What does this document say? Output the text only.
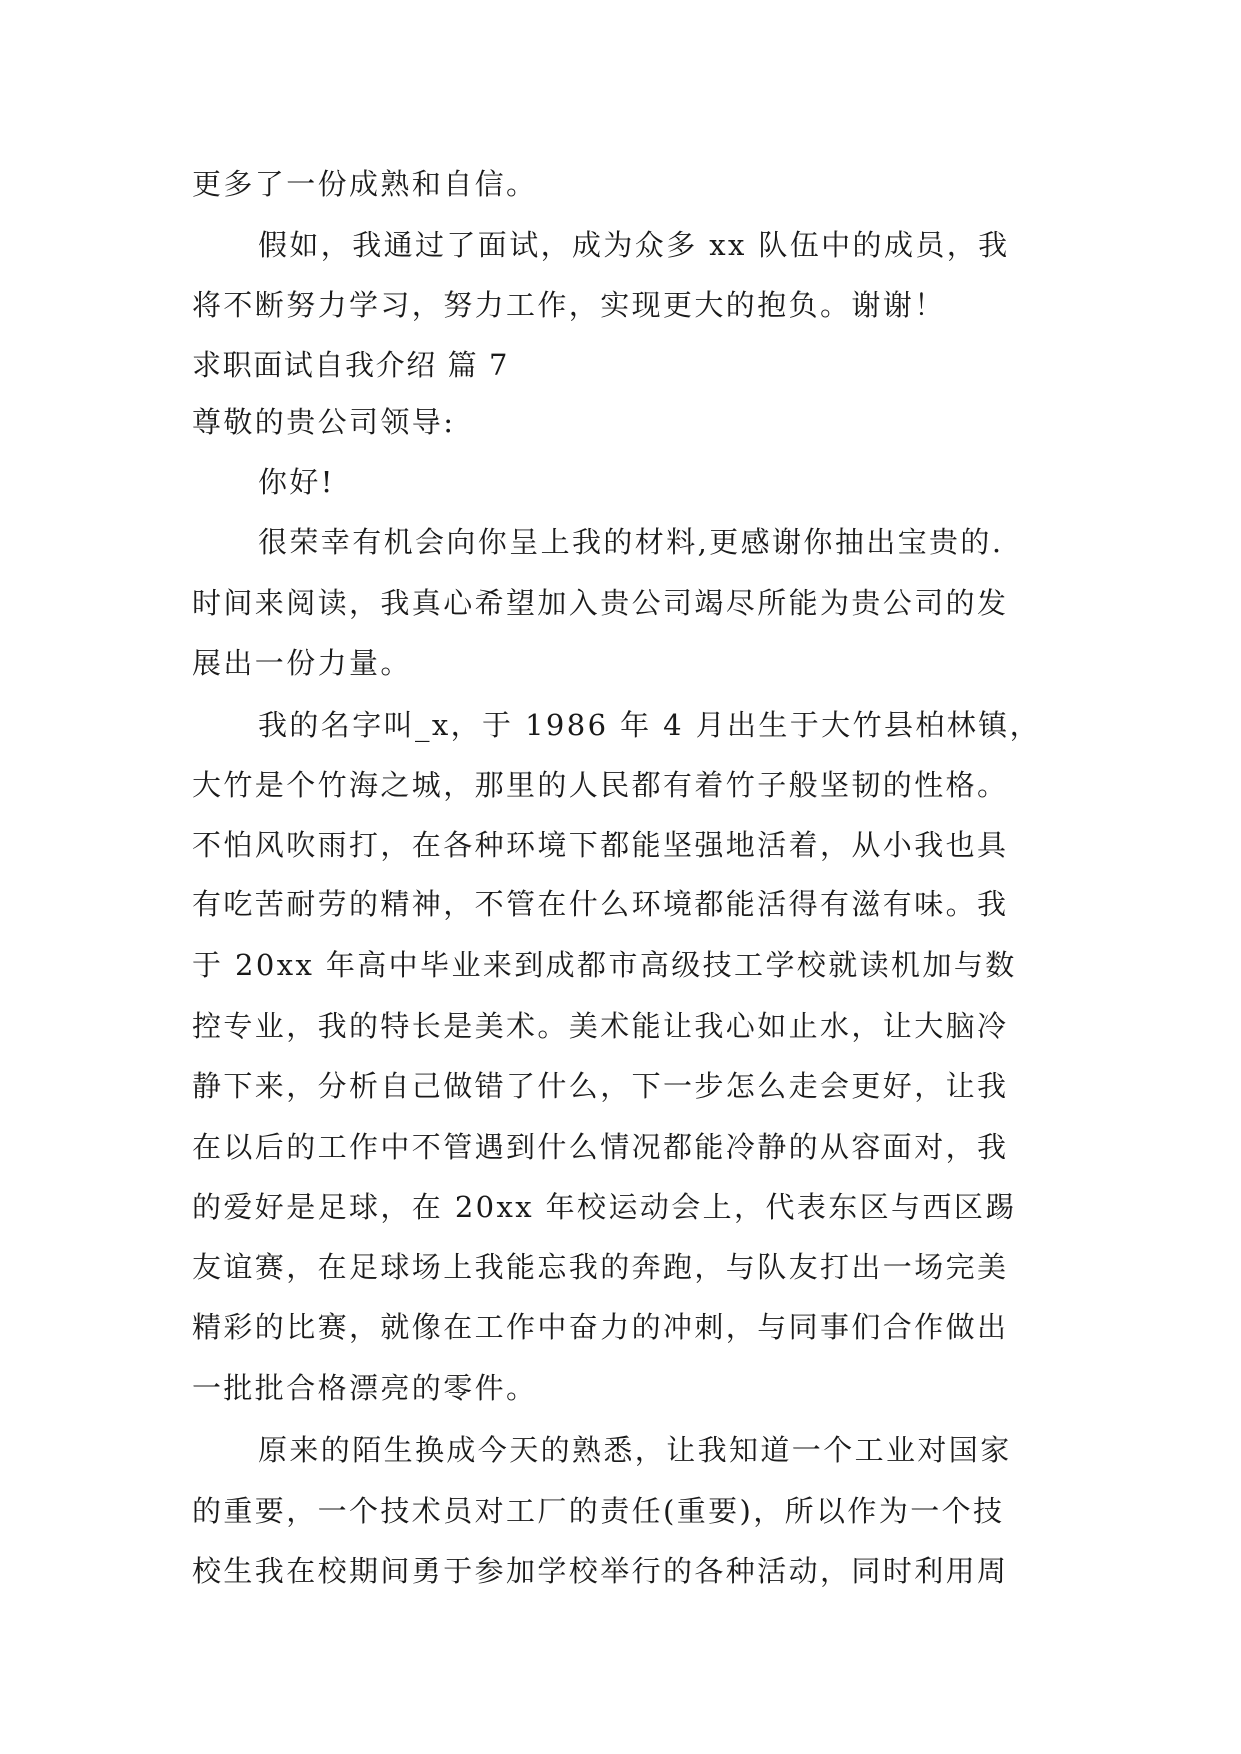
更多了一份成熟和自信。
假如，我通过了面试，成为众多 xx 队伍中的成员，我
将不断努力学习，努力工作，实现更大的抱负。谢谢！
求职面试自我介绍 篇 7
尊敬的贵公司领导:
你好!
很荣幸有机会向你呈上我的材料,更感谢你抽出宝贵的.
时间来阅读，我真心希望加入贵公司竭尽所能为贵公司的发
展出一份力量。
我的名字叫_x，于 1986 年 4 月出生于大竹县柏林镇，
大竹是个竹海之城，那里的人民都有着竹子般坚韧的性格。
不怕风吹雨打，在各种环境下都能坚强地活着，从小我也具
有吃苦耐劳的精神，不管在什么环境都能活得有滋有味。我
于 20xx 年高中毕业来到成都市高级技工学校就读机加与数
控专业，我的特长是美术。美术能让我心如止水，让大脑冷
静下来，分析自己做错了什么，下一步怎么走会更好，让我
在以后的工作中不管遇到什么情况都能冷静的从容面对，我
的爱好是足球，在 20xx 年校运动会上，代表东区与西区踢
友谊赛，在足球场上我能忘我的奔跑，与队友打出一场完美
精彩的比赛，就像在工作中奋力的冲刺，与同事们合作做出
一批批合格漂亮的零件。
原来的陌生换成今天的熟悉，让我知道一个工业对国家
的重要，一个技术员对工厂的责任(重要)，所以作为一个技
校生我在校期间勇于参加学校举行的各种活动，同时利用周
